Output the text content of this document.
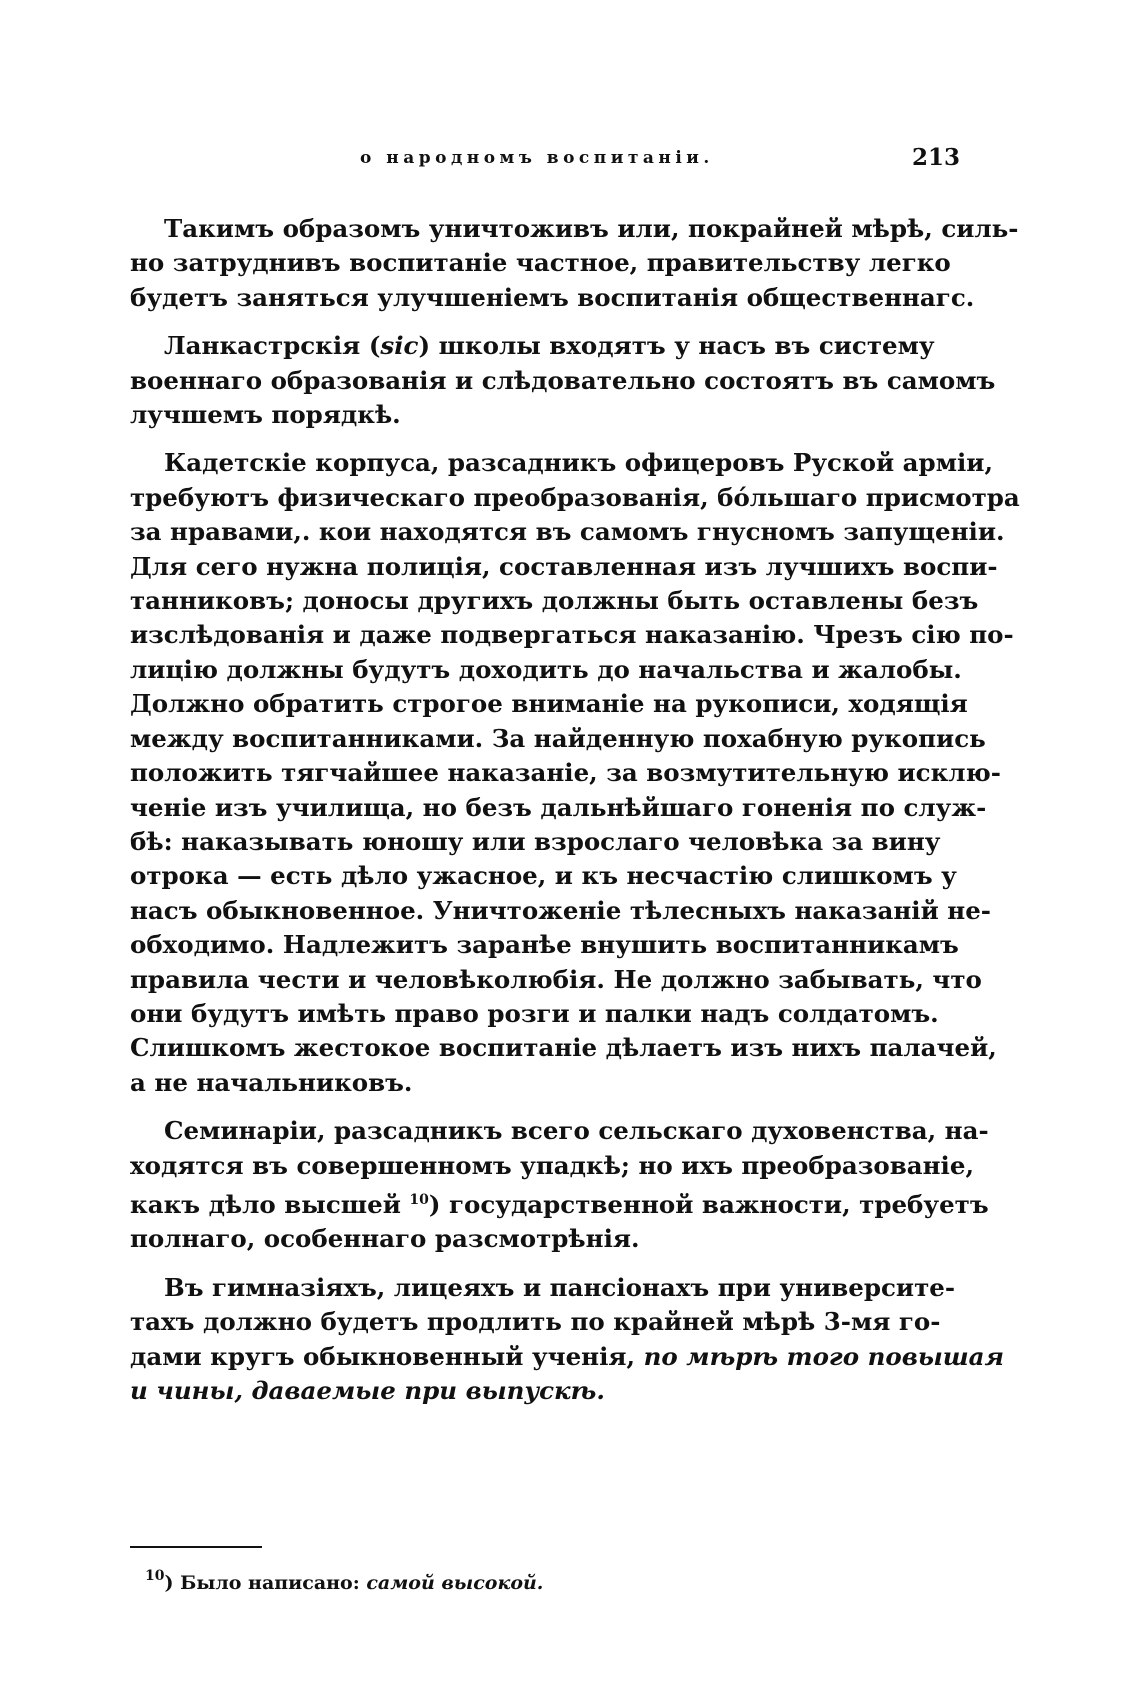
о народномъ воспитаніи.	213

Такимъ образомъ уничтоживъ или, покрайней мѣрѣ, силь-
но затруднивъ воспитаніе частное, правительству легко
будетъ заняться улучшеніемъ воспитанія общественнагс.

Ланкастрскія (sic) школы входятъ у насъ въ систему
военнаго образованія и слѣдовательно состоятъ въ самомъ
лучшемъ порядкѣ.

Кадетскіе корпуса, разсадникъ офицеровъ Руской арміи,
требуютъ физическаго преобразованія, бо́льшаго присмотра
за нравами,. кои находятся въ самомъ гнусномъ запущеніи.
Для сего нужна полиція, составленная изъ лучшихъ воспи-
танниковъ; доносы другихъ должны быть оставлены безъ
изслѣдованія и даже подвергаться наказанію. Чрезъ сію по-
лицію должны будутъ доходить до начальства и жалобы.
Должно обратить строгое вниманіе на рукописи, ходящія
между воспитанниками. За найденную похабную рукопись
положить тягчайшее наказаніе, за возмутительную исклю-
ченіе изъ училища, но безъ дальнѣйшаго гоненія по служ-
бѣ: наказывать юношу или взрослаго человѣка за вину
отрока — есть дѣло ужасное, и къ несчастію слишкомъ у
насъ обыкновенное. Уничтоженіе тѣлесныхъ наказаній не-
обходимо. Надлежитъ заранѣе внушить воспитанникамъ
правила чести и человѣколюбія. Не должно забывать, что
они будутъ имѣть право розги и палки надъ солдатомъ.
Слишкомъ жестокое воспитаніе дѣлаетъ изъ нихъ палачей,
а не начальниковъ.

Семинаріи, разсадникъ всего сельскаго духовенства, на-
ходятся въ совершенномъ упадкѣ; но ихъ преобразованіе,
какъ дѣло высшей $^{10}$) государственной важности, требуетъ
полнаго, особеннаго разсмотрѣнія.

Въ гимназіяхъ, лицеяхъ и пансіонахъ при университе-
тахъ должно будетъ продлить по крайней мѣрѣ 3-мя го-
дами кругъ обыкновенный ученія, по мѣрѣ того повышая
и чины, даваемые при выпускѣ.

$^{10}$) Было написано: самой высокой.
